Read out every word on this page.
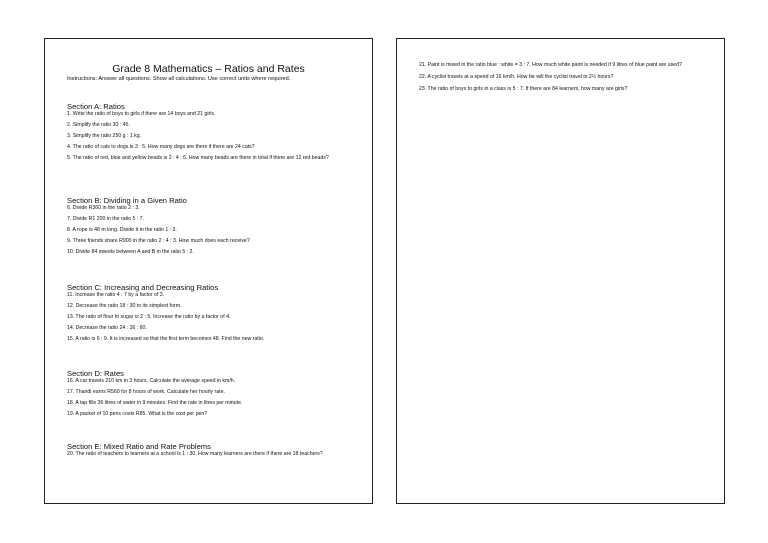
Grade 8 Mathematics – Ratios and Rates
Instructions: Answer all questions. Show all calculations. Use correct units where required.

Section A: Ratios

1. Write the ratio of boys to girls if there are 14 boys and 21 girls.

2. Simplify the ratio 30 : 45.

3. Simplify the ratio 250 g : 1 kg.

4. The ratio of cats to dogs is 3 : 5. How many dogs are there if there are 24 cats?

5. The ratio of red, blue and yellow beads is 2 : 4 : 6. How many beads are there in total if there are 12 red beads?

Section B: Dividing in a Given Ratio

6. Divide R360 in the ratio 2 : 3.

7. Divide R1 200 in the ratio 5 : 7.

8. A rope is 48 m long. Divide it in the ratio 1 : 3.

9. Three friends share R900 in the ratio 2 : 4 : 3. How much does each receive?

10. Divide 84 sweets between A and B in the ratio 5 : 2.

Section C: Increasing and Decreasing Ratios

11. Increase the ratio 4 : 7 by a factor of 3.

12. Decrease the ratio 18 : 30 to its simplest form.

13. The ratio of flour to sugar is 2 : 5. Increase the ratio by a factor of 4.

14. Decrease the ratio 24 : 36 : 60.

15. A ratio is 6 : 9. It is increased so that the first term becomes 48. Find the new ratio.

Section D: Rates

16. A car travels 210 km in 3 hours. Calculate the average speed in km/h.

17. Thandi earns R560 for 8 hours of work. Calculate her hourly rate.

18. A tap fills 36 litres of water in 9 minutes. Find the rate in litres per minute.

19. A packet of 10 pens costs R85. What is the cost per pen?

Section E: Mixed Ratio and Rate Problems

20. The ratio of teachers to learners at a school is 1 : 30. How many learners are there if there are 18 teachers?

21. Paint is mixed in the ratio blue : white = 3 : 7. How much white paint is needed if 9 litres of blue paint are used?

22. A cyclist travels at a speed of 16 km/h. How far will the cyclist travel in 2½ hours?

23. The ratio of boys to girls in a class is 5 : 7. If there are 84 learners, how many are girls?
